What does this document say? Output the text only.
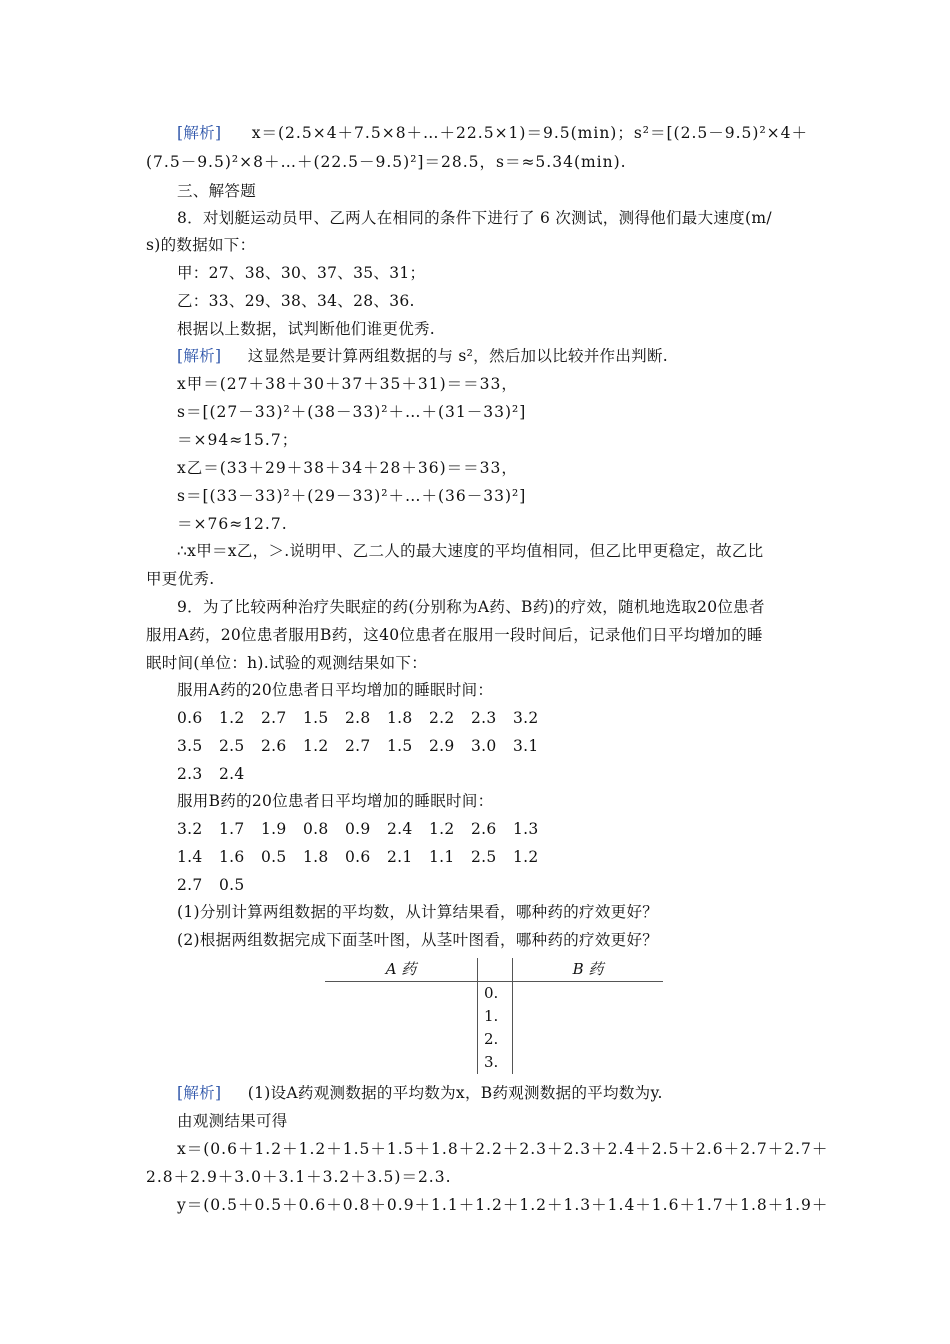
[解析] x＝(2.5×4＋7.5×8＋…＋22.5×1)＝9.5(min)；s²＝[(2.5－9.5)²×4＋
(7.5－9.5)²×8＋…＋(22.5－9.5)²]＝28.5，s＝≈5.34(min).
三、解答题
8．对划艇运动员甲、乙两人在相同的条件下进行了 6 次测试，测得他们最大速度(m/
s)的数据如下：
甲：27、38、30、37、35、31；
乙：33、29、38、34、28、36.
根据以上数据，试判断他们谁更优秀.
[解析] 这显然是要计算两组数据的与 s²，然后加以比较并作出判断.
x甲＝(27＋38＋30＋37＋35＋31)＝＝33，
s＝[(27－33)²＋(38－33)²＋…＋(31－33)²]
＝×94≈15.7；
x乙＝(33＋29＋38＋34＋28＋36)＝＝33，
s＝[(33－33)²＋(29－33)²＋…＋(36－33)²]
＝×76≈12.7.
∴x甲＝x乙，＞.说明甲、乙二人的最大速度的平均值相同，但乙比甲更稳定，故乙比
甲更优秀.
9．为了比较两种治疗失眠症的药(分别称为A药、B药)的疗效，随机地选取20位患者
服用A药，20位患者服用B药，这40位患者在服用一段时间后，记录他们日平均增加的睡
眠时间(单位：h).试验的观测结果如下：
服用A药的20位患者日平均增加的睡眠时间：
0.6 1.2 2.7 1.5 2.8 1.8 2.2 2.3 3.2
3.5 2.5 2.6 1.2 2.7 1.5 2.9 3.0 3.1
2.3 2.4
服用B药的20位患者日平均增加的睡眠时间：
3.2 1.7 1.9 0.8 0.9 2.4 1.2 2.6 1.3
1.4 1.6 0.5 1.8 0.6 2.1 1.1 2.5 1.2
2.7 0.5
(1)分别计算两组数据的平均数，从计算结果看，哪种药的疗效更好？
(2)根据两组数据完成下面茎叶图，从茎叶图看，哪种药的疗效更好？
A 药		B 药
	0.	
	1.	
	2.	
	3.	
[解析] (1)设A药观测数据的平均数为x，B药观测数据的平均数为y.
由观测结果可得
x＝(0.6＋1.2＋1.2＋1.5＋1.5＋1.8＋2.2＋2.3＋2.3＋2.4＋2.5＋2.6＋2.7＋2.7＋
2.8＋2.9＋3.0＋3.1＋3.2＋3.5)＝2.3.
y＝(0.5＋0.5＋0.6＋0.8＋0.9＋1.1＋1.2＋1.2＋1.3＋1.4＋1.6＋1.7＋1.8＋1.9＋
